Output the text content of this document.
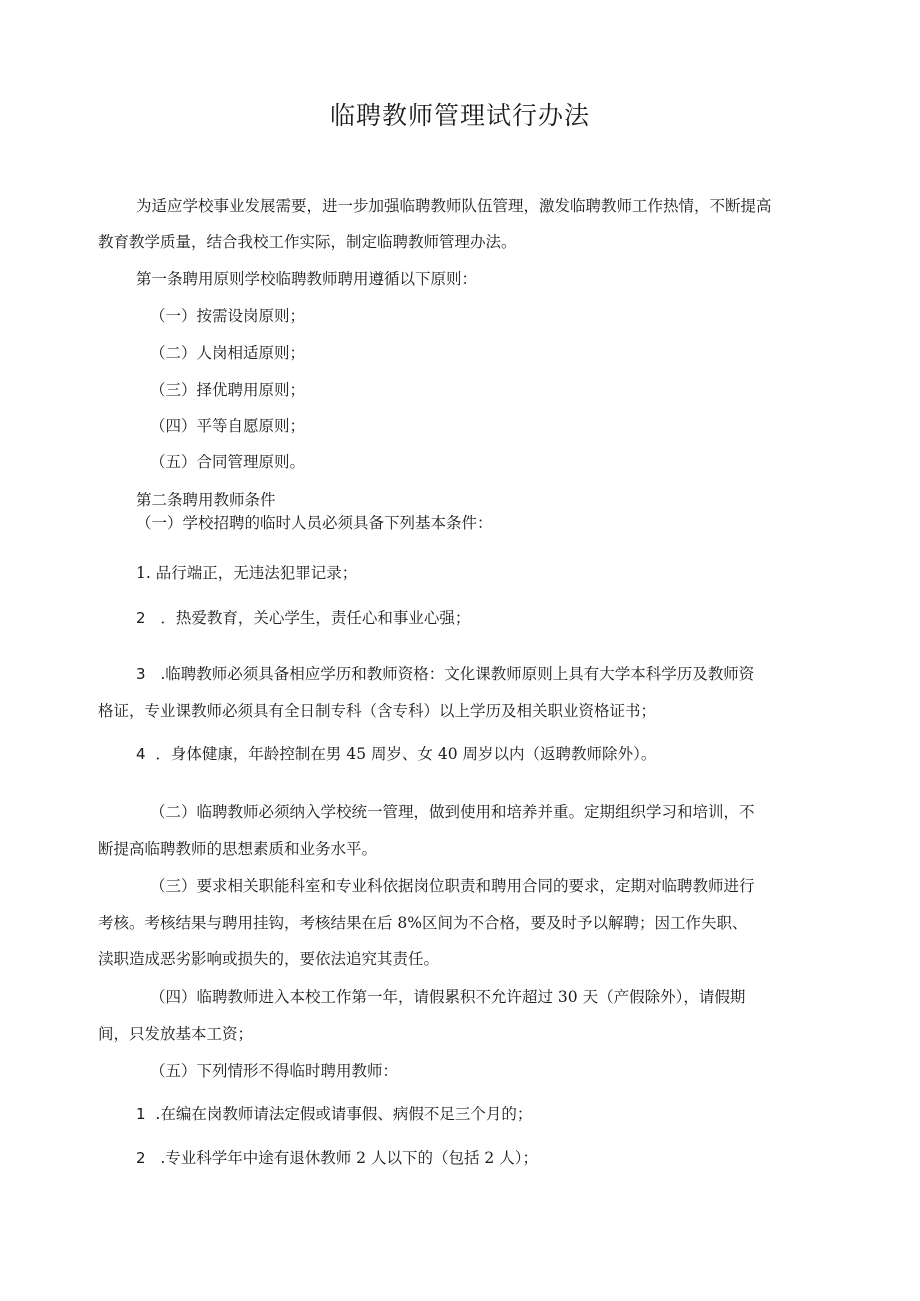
临聘教师管理试行办法
为适应学校事业发展需要，进一步加强临聘教师队伍管理，激发临聘教师工作热情，不断提高
教育教学质量，结合我校工作实际，制定临聘教师管理办法。
第一条聘用原则学校临聘教师聘用遵循以下原则：
（一）按需设岗原则；
（二）人岗相适原则；
（三）择优聘用原则；
（四）平等自愿原则；
（五）合同管理原则。
第二条聘用教师条件
（一）学校招聘的临时人员必须具备下列基本条件：
1. 品行端正，无违法犯罪记录；
2 ．热爱教育，关心学生，责任心和事业心强；
3 .临聘教师必须具备相应学历和教师资格：文化课教师原则上具有大学本科学历及教师资
格证，专业课教师必须具有全日制专科（含专科）以上学历及相关职业资格证书；
4 ．身体健康，年龄控制在男 45 周岁、女 40 周岁以内（返聘教师除外）。
（二）临聘教师必须纳入学校统一管理，做到使用和培养并重。定期组织学习和培训，不
断提高临聘教师的思想素质和业务水平。
（三）要求相关职能科室和专业科依据岗位职责和聘用合同的要求，定期对临聘教师进行
考核。考核结果与聘用挂钩，考核结果在后 8%区间为不合格，要及时予以解聘；因工作失职、
渎职造成恶劣影响或损失的，要依法追究其责任。
（四）临聘教师进入本校工作第一年，请假累积不允许超过 30 天（产假除外），请假期
间，只发放基本工资；
（五）下列情形不得临时聘用教师：
1 .在编在岗教师请法定假或请事假、病假不足三个月的；
2 .专业科学年中途有退休教师 2 人以下的（包括 2 人）；
